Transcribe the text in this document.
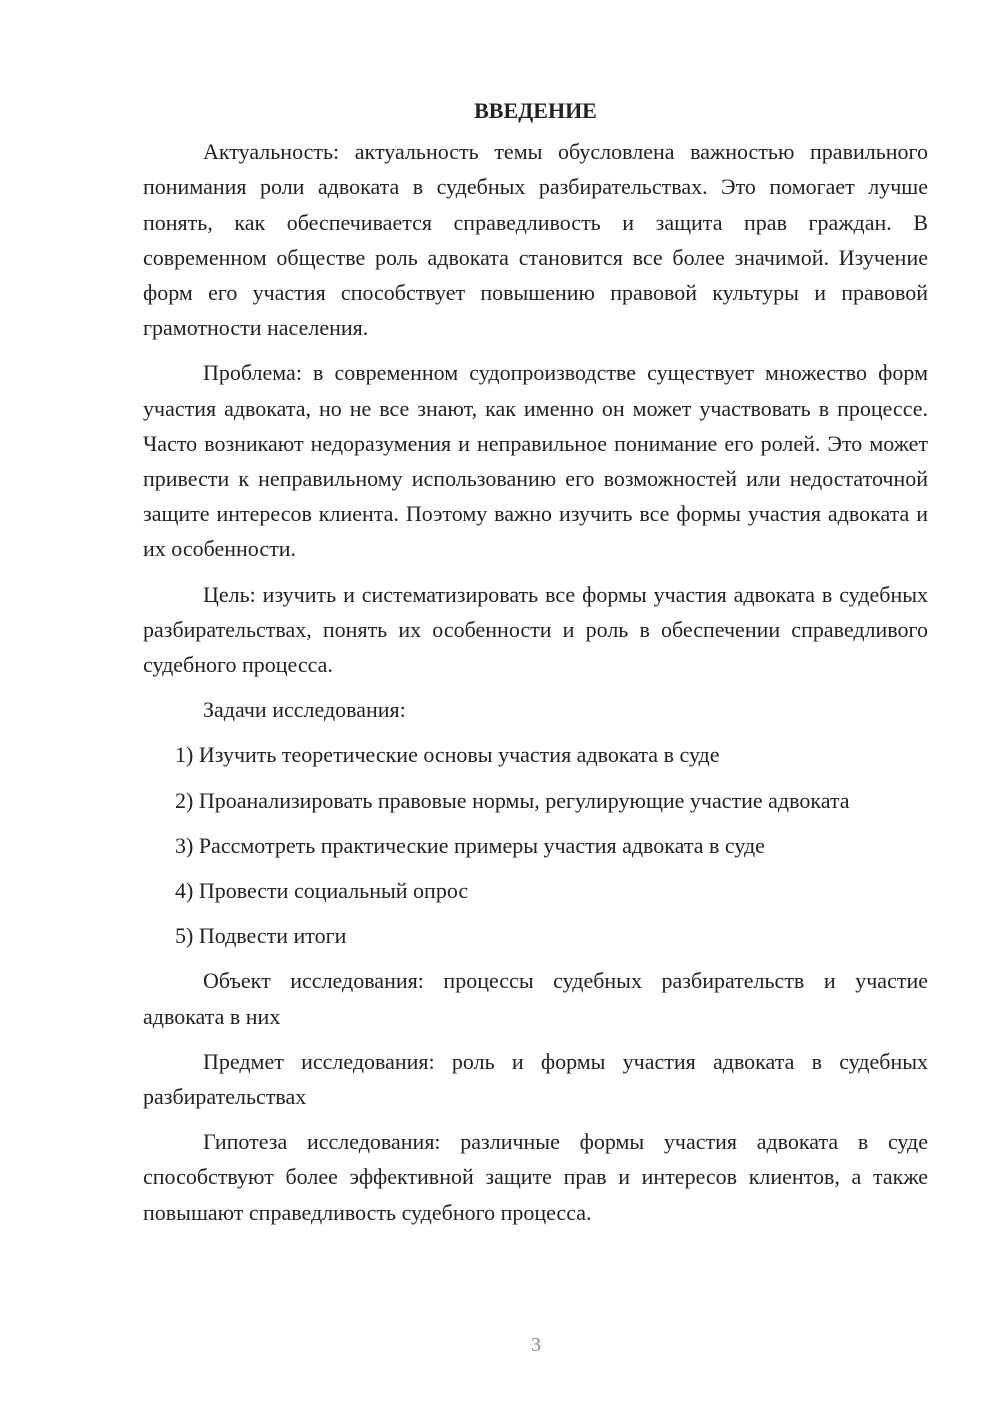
ВВЕДЕНИЕ

Актуальность: актуальность темы обусловлена важностью правильного понимания роли адвоката в судебных разбирательствах. Это помогает лучше понять, как обеспечивается справедливость и защита прав граждан. В современном обществе роль адвоката становится все более значимой. Изучение форм его участия способствует повышению правовой культуры и правовой грамотности населения.

Проблема: в современном судопроизводстве существует множество форм участия адвоката, но не все знают, как именно он может участвовать в процессе. Часто возникают недоразумения и неправильное понимание его ролей. Это может привести к неправильному использованию его возможностей или недостаточной защите интересов клиента. Поэтому важно изучить все формы участия адвоката и их особенности.

Цель: изучить и систематизировать все формы участия адвоката в судебных разбирательствах, понять их особенности и роль в обеспечении справедливого судебного процесса.

Задачи исследования:

1) Изучить теоретические основы участия адвоката в суде

2) Проанализировать правовые нормы, регулирующие участие адвоката

3) Рассмотреть практические примеры участия адвоката в суде

4) Провести социальный опрос

5) Подвести итоги

Объект исследования: процессы судебных разбирательств и участие адвоката в них

Предмет исследования: роль и формы участия адвоката в судебных разбирательствах

Гипотеза исследования: различные формы участия адвоката в суде способствуют более эффективной защите прав и интересов клиентов, а также повышают справедливость судебного процесса.

3
